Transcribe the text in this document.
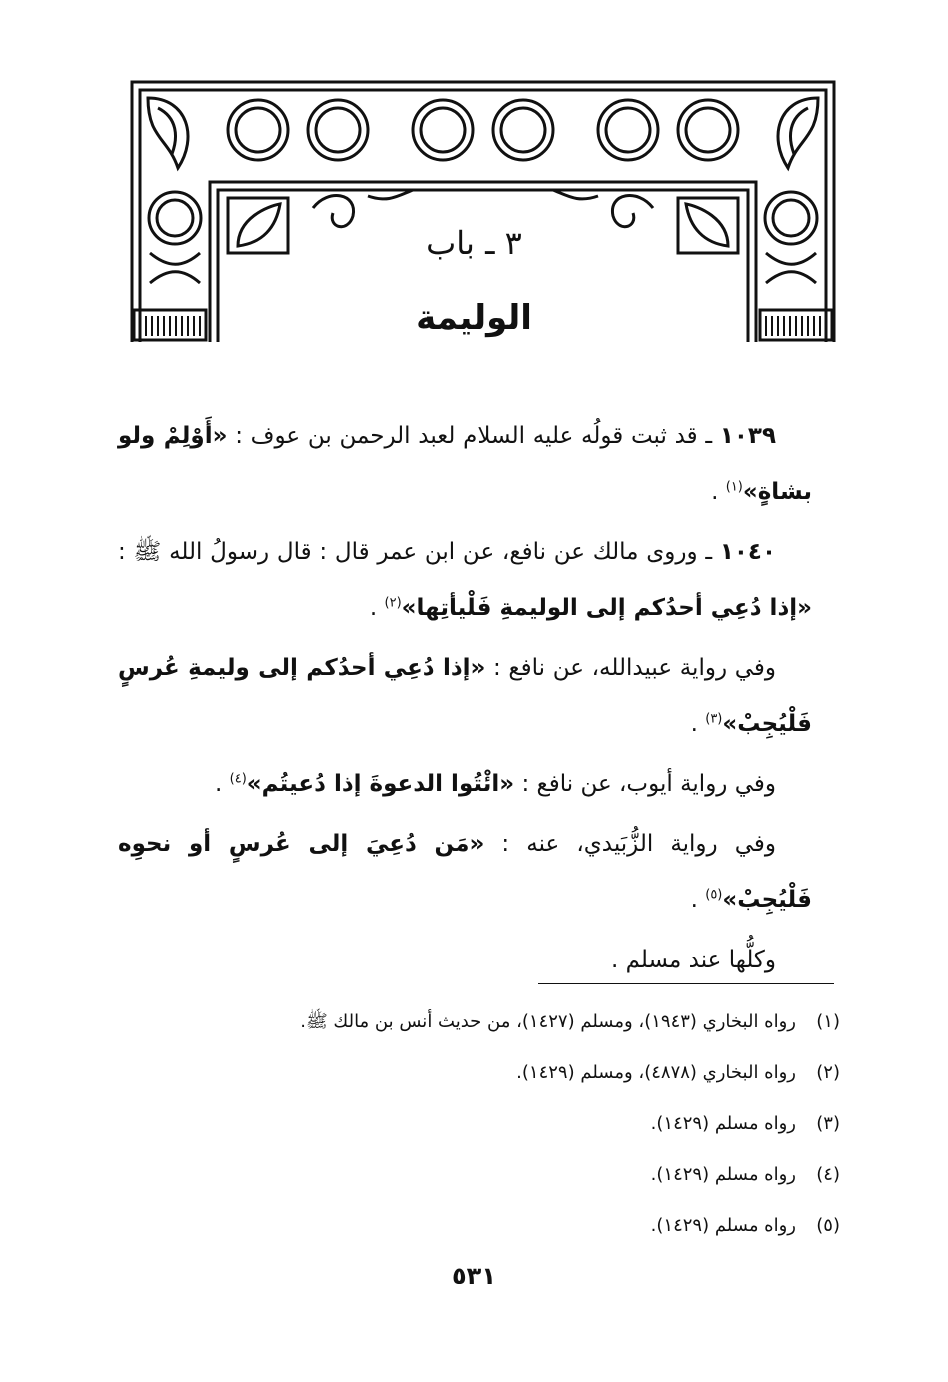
٣ ـ باب
الوليمة

١٠٣٩ ـ قد ثبت قولُه عليه السلام لعبد الرحمن بن عوف : «أَوْلِمْ ولو بشاةٍ»$^{(١)}$ .

١٠٤٠ ـ وروى مالك عن نافع، عن ابن عمر قال : قال رسولُ الله ﷺ : «إذا دُعِي أحدُكم إلى الوليمةِ فَلْيأتِها»$^{(٢)}$ .

وفي رواية عبيدالله، عن نافع : «إذا دُعِي أحدُكم إلى وليمةِ عُرسٍ فَلْيُجِبْ»$^{(٣)}$ .

وفي رواية أيوب، عن نافع : «ائْتُوا الدعوةَ إذا دُعيتُم»$^{(٤)}$ .

وفي رواية الزُّبَيدي، عنه : «مَن دُعِيَ إلى عُرسٍ أو نحوِه فَلْيُجِبْ»$^{(٥)}$ .

وكلُّها عند مسلم .

(١)رواه البخاري (١٩٤٣)، ومسلم (١٤٢٧)، من حديث أنس بن مالك ﷺ.
(٢)رواه البخاري (٤٨٧٨)، ومسلم (١٤٢٩).
(٣)رواه مسلم (١٤٢٩).
(٤)رواه مسلم (١٤٢٩).
(٥)رواه مسلم (١٤٢٩).
٥٣١
